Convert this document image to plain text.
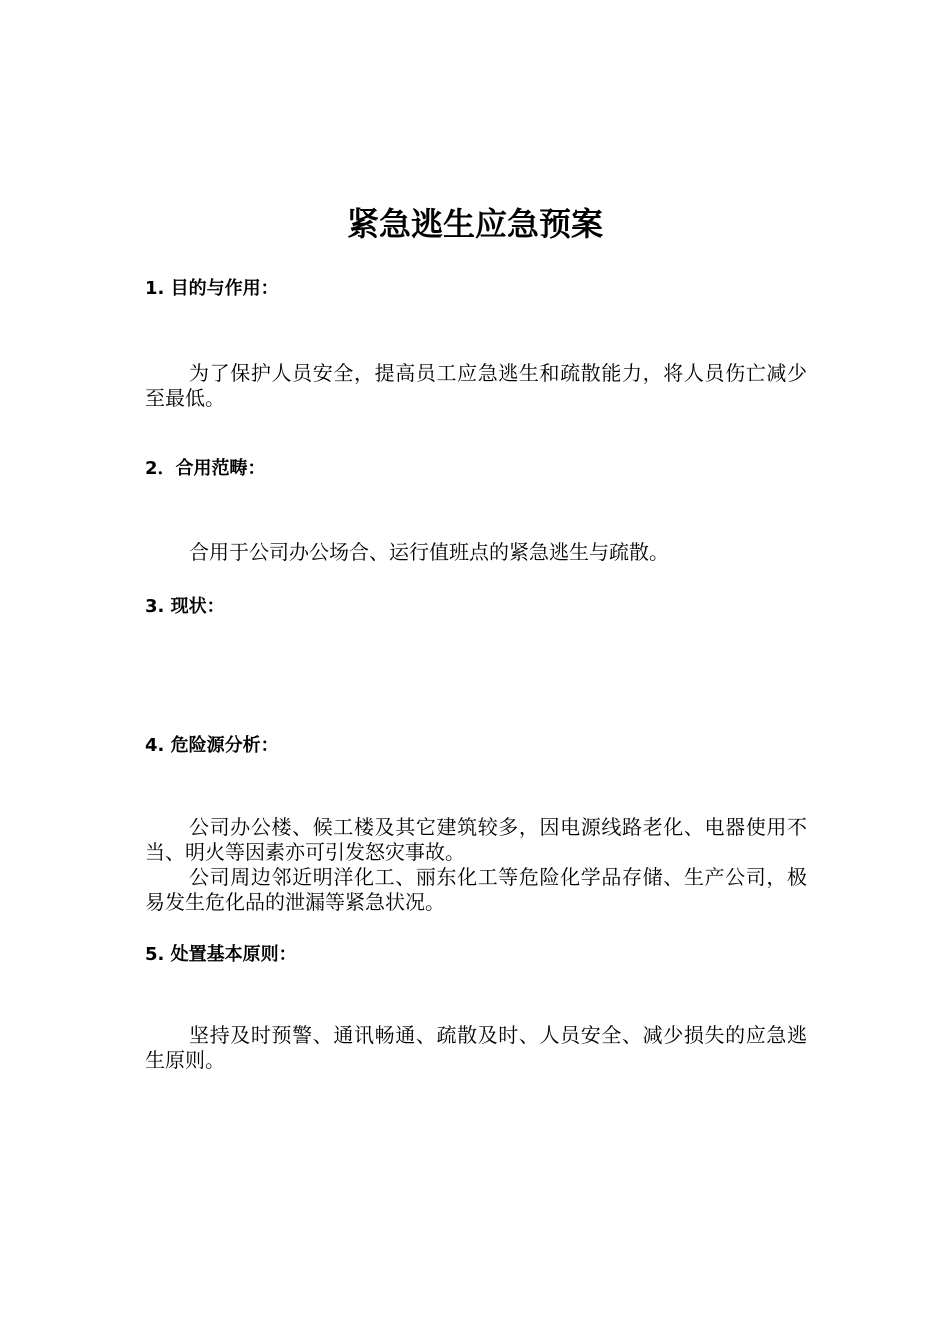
紧急逃生应急预案
1. 目的与作用：
为了保护人员安全，提高员工应急逃生和疏散能力，将人员伤亡减少至最低。
2．合用范畴：
合用于公司办公场合、运行值班点的紧急逃生与疏散。
3. 现状：
4. 危险源分析：
公司办公楼、候工楼及其它建筑较多，因电源线路老化、电器使用不当、明火等因素亦可引发怒灾事故。
公司周边邻近明洋化工、丽东化工等危险化学品存储、生产公司，极易发生危化品的泄漏等紧急状况。
5. 处置基本原则：
坚持及时预警、通讯畅通、疏散及时、人员安全、减少损失的应急逃生原则。
